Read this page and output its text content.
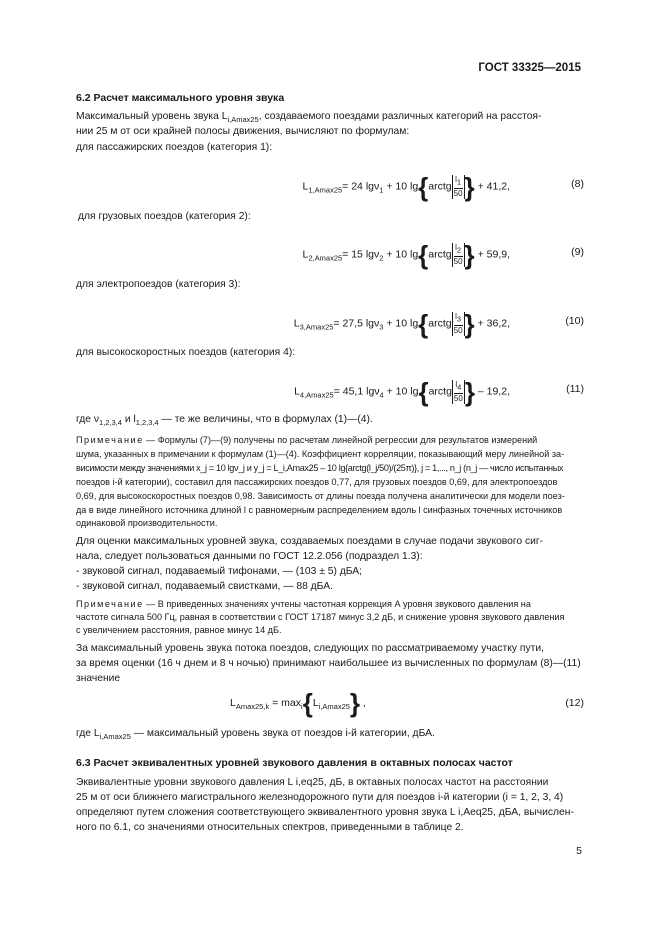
ГОСТ 33325—2015
6.2 Расчет максимального уровня звука
Максимальный уровень звука $L_{i,Amax25}$, создаваемого поездами различных категорий на расстоя-
нии 25 м от оси крайней полосы движения, вычисляют по формулам:
для пассажирских поездов (категория 1):
$L_{1,Amax25}= 24$ lgν$_1$ + 10 lg{arctg $\frac{l_1}{50}\} + 41,2$,	(8)
для грузовых поездов (категория 2):
$L_{2,Amax25}= 15$ lgν$_2$ + 10 lg{arctg $\frac{l_2}{50}\} + 59,9$,	(9)
для электропоездов (категория 3):
$L_{3,Amax25}= 27,5$ lgν$_3$ + 10 lg{arctg $\frac{l_3}{50}\} + 36,2$,	(10)
для высокоскоростных поездов (категория 4):
$L_{4,Amax25}= 45,1$ lgν$_4$ + 10 lg{arctg $\frac{l_4}{50}\} - 19,2$,	(11)
где $\nu_{1,2,3,4}$ и $l_{1,2,3,4}$ — те же величины, что в формулах (1)—(4).
Примечание — Формулы (7)—(9) получены по расчетам линейной регрессии для результатов измерений
шума, указанных в примечании к формулам (1)—(4). Коэффициент корреляции, показывающий меру линейной за-
висимости между значениями x_j = 10 lgν_j и y_j = L_i,Amax25 – 10 lg{arctg(l_j/50)/(25π)}, j = 1,..., n_j (n_j — число испытанных
поездов i-й категории), составил для пассажирских поездов 0,77, для грузовых поездов 0,69, для электропоездов
0,69, для высокоскоростных поездов 0,98. Зависимость от длины поезда получена аналитически для модели поез-
да в виде линейного источника длиной l с равномерным распределением вдоль l синфазных точечных источников
одинаковой производительности.
Для оценки максимальных уровней звука, создаваемых поездами в случае подачи звукового сиг-
нала, следует пользоваться данными по ГОСТ 12.2.056 (подраздел 1.3):
- звуковой сигнал, подаваемый тифонами, — (103 ± 5) дБА;
- звуковой сигнал, подаваемый свистками, — 88 дБА.
Примечание — В приведенных значениях учтены частотная коррекция А уровня звукового давления на
частоте сигнала 500 Гц, равная в соответствии с ГОСТ 17187 минус 3,2 дБ, и снижение уровня звукового давления
с увеличением расстояния, равное минус 14 дБ.
За максимальный уровень звука потока поездов, следующих по рассматриваемому участку пути,
за время оценки (16 ч днем и 8 ч ночью) принимают наибольшее из вычисленных по формулам (8)—(11)
значение
$L_{Amax25,k} = \max_i\{L_{i,Amax25}\}$ ,	(12)
где $L_{i,Amax25}$ — максимальный уровень звука от поездов i-й категории, дБА.
6.3 Расчет эквивалентных уровней звукового давления в октавных полосах частот
Эквивалентные уровни звукового давления L i,eq25, дБ, в октавных полосах частот на расстоянии
25 м от оси ближнего магистрального железнодорожного пути для поездов i-й категории (i = 1, 2, 3, 4)
определяют путем сложения соответствующего эквивалентного уровня звука L i,Aeq25, дБА, вычислен-
ного по 6.1, со значениями относительных спектров, приведенными в таблице 2.
5
